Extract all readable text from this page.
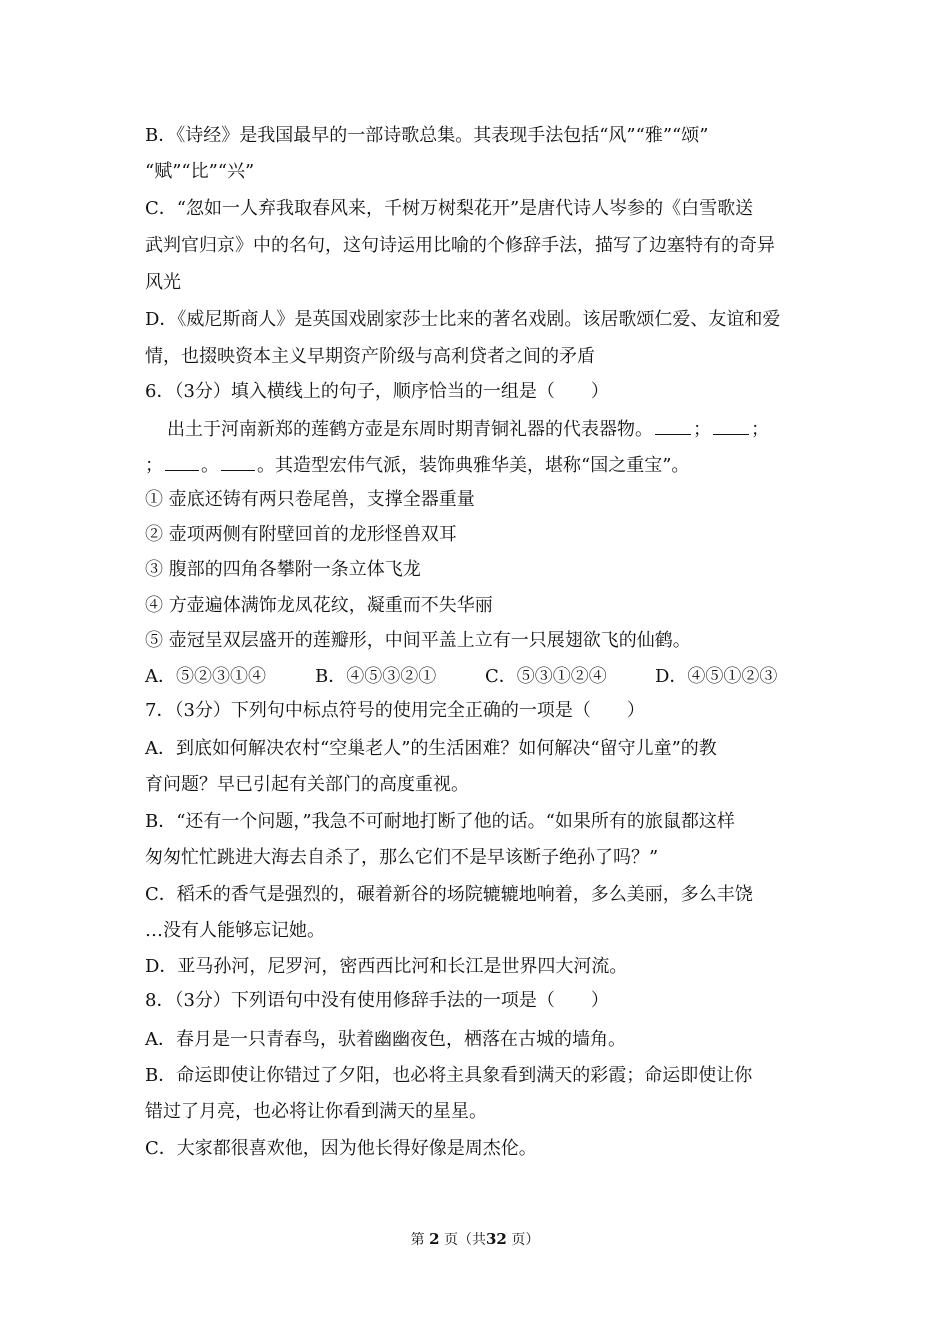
B．《诗经》是我国最早的一部诗歌总集。其表现手法包括“风”“雅”“颂”
“赋”“比”“兴”
C．“忽如一人弃我取春风来，千树万树梨花开”是唐代诗人岑参的《白雪歌送
武判官归京》中的名句，这句诗运用比喻的个修辞手法，描写了边塞特有的奇异
风光
D．《威尼斯商人》是英国戏剧家莎士比来的著名戏剧。该居歌颂仁爱、友谊和爱
情，也掇映资本主义早期资产阶级与高利贷者之间的矛盾
6．（3分）填入横线上的句子，顺序恰当的一组是（　　）
出土于河南新郑的莲鹤方壶是东周时期青铜礼器的代表器物。 ； ；
； 。 。其造型宏伟气派，装饰典雅华美，堪称“国之重宝”。
① 壶底还铸有两只卷尾兽，支撑全器重量
② 壶项两侧有附壁回首的龙形怪兽双耳
③ 腹部的四角各攀附一条立体飞龙
④ 方壶遍体满饰龙凤花纹，凝重而不失华丽
⑤ 壶冠呈双层盛开的莲瓣形，中间平盖上立有一只展翅欲飞的仙鹤。
A．⑤②③①④	B．④⑤③②①	C．⑤③①②④	D．④⑤①②③
7．（3分）下列句中标点符号的使用完全正确的一项是（　　）
A．到底如何解决农村“空巢老人”的生活困难？如何解决“留守儿童”的教
育问题？早已引起有关部门的高度重视。
B．“还有一个问题，”我急不可耐地打断了他的话。“如果所有的旅鼠都这样
匆匆忙忙跳进大海去自杀了，那么它们不是早该断子绝孙了吗？”
C．稻禾的香气是强烈的，碾着新谷的场院辘辘地响着，多么美丽，多么丰饶
…没有人能够忘记她。
D．亚马孙河，尼罗河，密西西比河和长江是世界四大河流。
8．（3分）下列语句中没有使用修辞手法的一项是（　　）
A．春月是一只青春鸟，驮着幽幽夜色，栖落在古城的墙角。
B．命运即使让你错过了夕阳，也必将主具象看到满天的彩霞；命运即使让你
错过了月亮，也必将让你看到满天的星星。
C．大家都很喜欢他，因为他长得好像是周杰伦。
第 2 页（共32 页）
